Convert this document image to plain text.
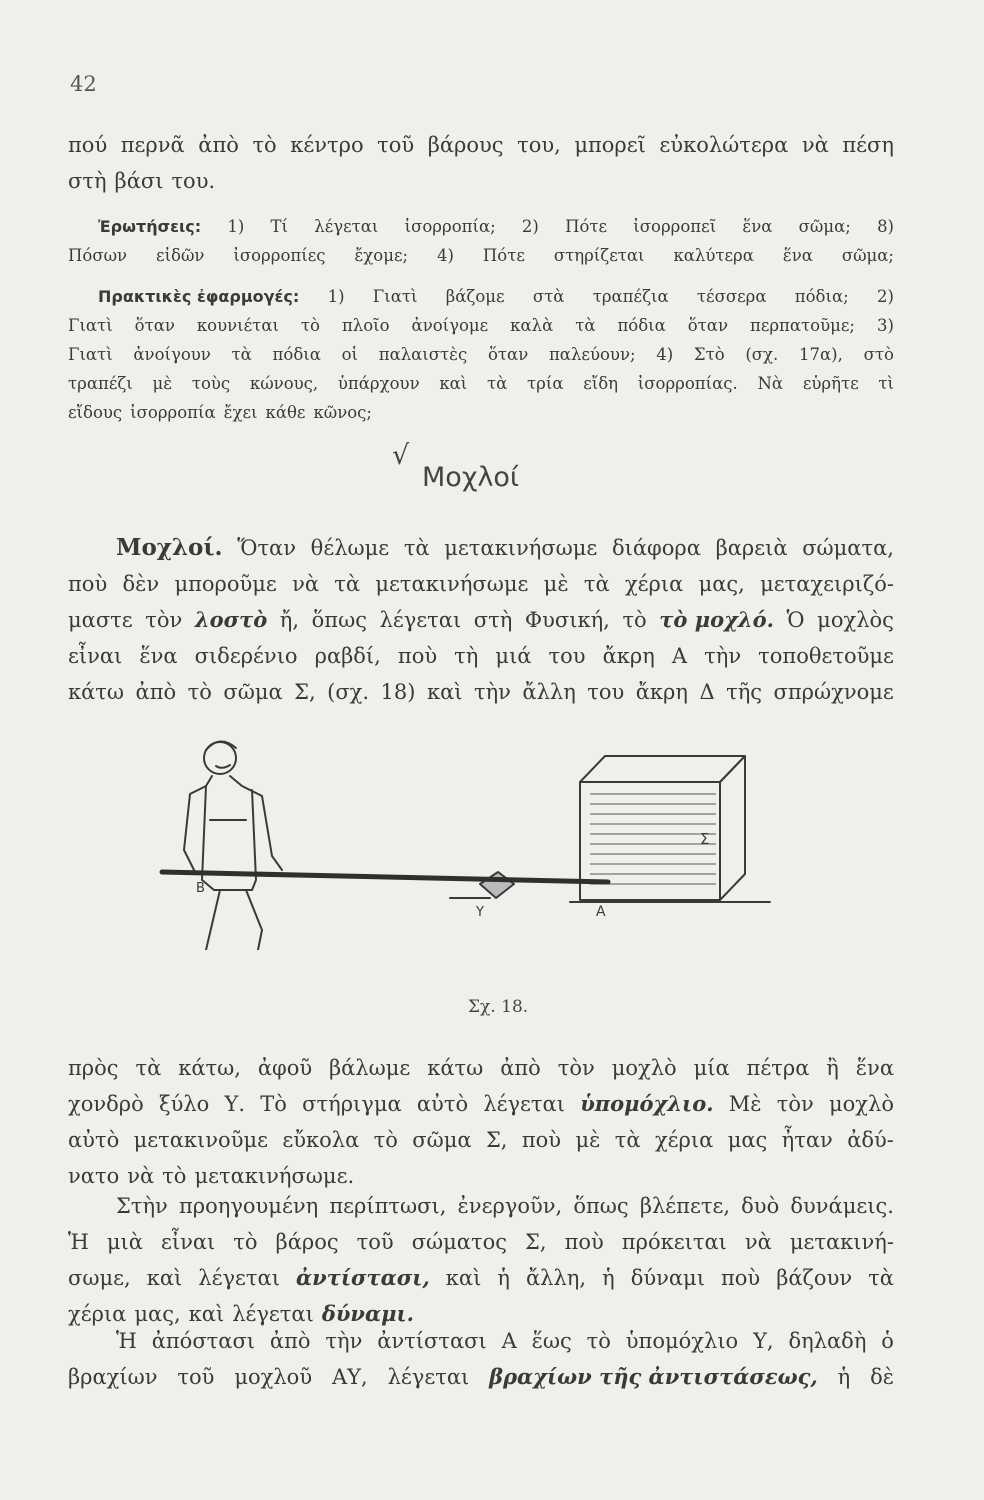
42
πού περνᾶ ἀπὸ τὸ κέντρο τοῦ βάρους του, μπορεῖ εὐκολώτερα νὰ πέση
στὴ βάσι του.
Ἐρωτήσεις: 1) Τί λέγεται ἰσορροπία; 2) Πότε ἰσορροπεῖ ἕνα σῶμα; 8)
Πόσων εἰδῶν ἰσορροπίες ἔχομε; 4) Πότε στηρίζεται καλύτερα ἕνα σῶμα;
Πρακτικὲς ἐφαρμογές: 1) Γιατὶ βάζομε στὰ τραπέζια τέσσερα πόδια; 2)
Γιατὶ ὅταν κουνιέται τὸ πλοῖο ἀνοίγομε καλὰ τὰ πόδια ὅταν περπατοῦμε; 3)
Γιατὶ ἀνοίγουν τὰ πόδια οἱ παλαιστὲς ὅταν παλεύουν; 4) Στὸ (σχ. 17α), στὸ
τραπέζι μὲ τοὺς κώνους, ὑπάρχουν καὶ τὰ τρία εἴδη ἰσορροπίας. Νὰ εὑρῆτε τὶ
εἴδους ἰσορροπία ἔχει κάθε κῶνος;
√
Μοχλοί
Μοχλοί. Ὅταν θέλωμε τὰ μετακινήσωμε διάφορα βαρειὰ σώματα,
ποὺ δὲν μποροῦμε νὰ τὰ μετακινήσωμε μὲ τὰ χέρια μας, μεταχειριζό-
μαστε τὸν λοστὸ ἤ, ὅπως λέγεται στὴ Φυσική, τὸ τὸ μοχλό. Ὁ μοχλὸς
εἶναι ἕνα σιδερένιο ραβδί, ποὺ τὴ μιά του ἄκρη Α τὴν τοποθετοῦμε
κάτω ἀπὸ τὸ σῶμα Σ, (σχ. 18) καὶ τὴν ἄλλη του ἄκρη Δ τῆς σπρώχνομε
Σ
Α
Β
Υ
Σχ. 18.
πρὸς τὰ κάτω, ἀφοῦ βάλωμε κάτω ἀπὸ τὸν μοχλὸ μία πέτρα ἢ ἕνα
χονδρὸ ξύλο Υ. Τὸ στήριγμα αὐτὸ λέγεται ὑπομόχλιο. Μὲ τὸν μοχλὸ
αὐτὸ μετακινοῦμε εὔκολα τὸ σῶμα Σ, ποὺ μὲ τὰ χέρια μας ἦταν ἀδύ-
νατο νὰ τὸ μετακινήσωμε.
Στὴν προηγουμένη περίπτωσι, ἐνεργοῦν, ὅπως βλέπετε, δυὸ δυνάμεις.
Ἡ μιὰ εἶναι τὸ βάρος τοῦ σώματος Σ, ποὺ πρόκειται νὰ μετακινή-
σωμε, καὶ λέγεται ἀντίστασι, καὶ ἡ ἄλλη, ἡ δύναμι ποὺ βάζουν τὰ
χέρια μας, καὶ λέγεται δύναμι.
Ἡ ἀπόστασι ἀπὸ τὴν ἀντίστασι Α ἕως τὸ ὑπομόχλιο Υ, δηλαδὴ ὁ
βραχίων τοῦ μοχλοῦ ΑΥ, λέγεται βραχίων τῆς ἀντιστάσεως, ἡ δὲ
